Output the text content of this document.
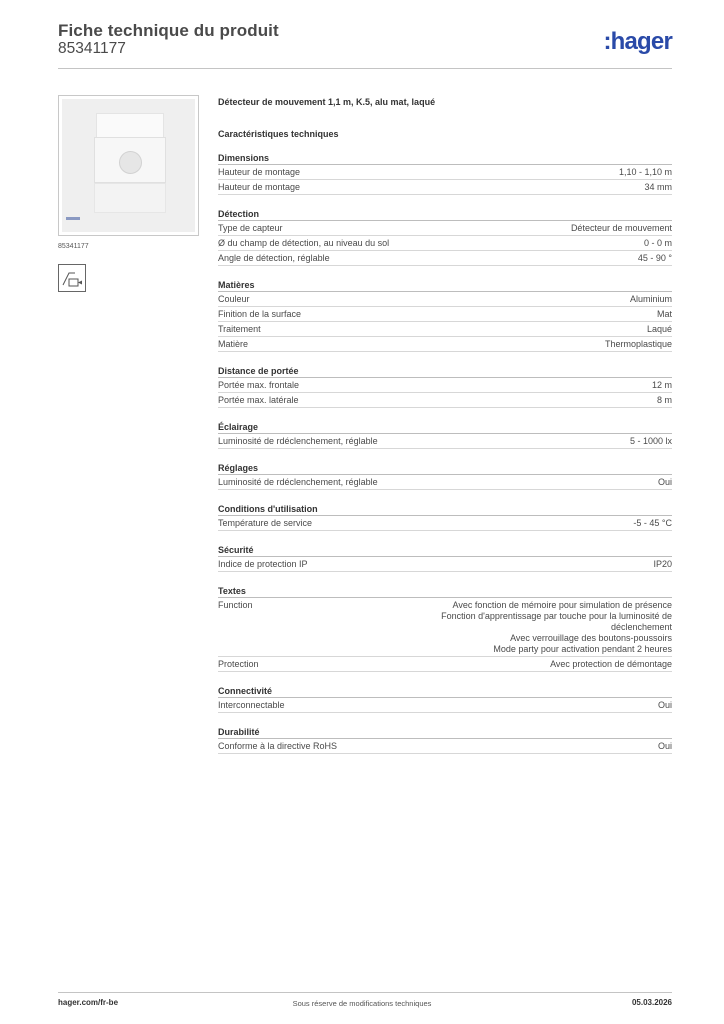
Fiche technique du produit
85341177	:hager
85341177
Détecteur de mouvement 1,1 m, K.5, alu mat, laqué
Caractéristiques techniques
Dimensions
Hauteur de montage	1,10 - 1,10 m
Hauteur de montage	34 mm
Détection
Type de capteur	Détecteur de mouvement
Ø du champ de détection, au niveau du sol	0 - 0 m
Angle de détection, réglable	45 - 90 °
Matières
Couleur	Aluminium
Finition de la surface	Mat
Traitement	Laqué
Matière	Thermoplastique
Distance de portée
Portée max. frontale	12 m
Portée max. latérale	8 m
Éclairage
Luminosité de rdéclenchement, réglable	5 - 1000 lx
Réglages
Luminosité de rdéclenchement, réglable	Oui
Conditions d'utilisation
Température de service	-5 - 45 °C
Sécurité
Indice de protection IP	IP20
Textes
Function	Avec fonction de mémoire pour simulation de présence
Fonction d'apprentissage par touche pour la luminosité de
déclenchement
Avec verrouillage des boutons-poussoirs
Mode party pour activation pendant 2 heures
Protection	Avec protection de démontage
Connectivité
Interconnectable	Oui
Durabilité
Conforme à la directive RoHS	Oui
hager.com/fr-be	Sous réserve de modifications techniques	05.03.2026
